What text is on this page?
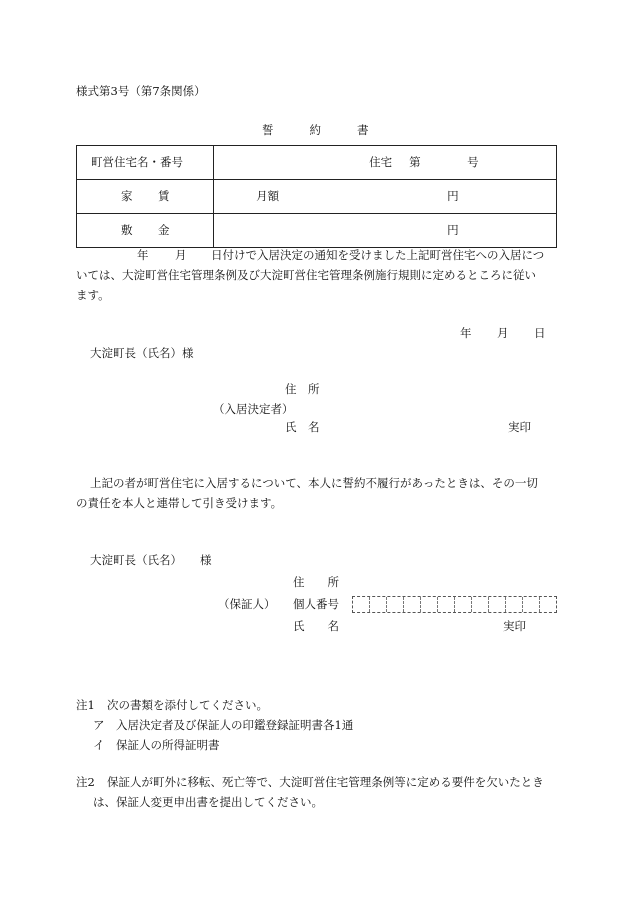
様式第3号（第7条関係）
誓	約	書
町営住宅名・番号	住宅 第 号

家 賃	月額 円

敷 金	円
年 月 日付けで入居決定の通知を受けました上記町営住宅への入居につ
いては、大淀町営住宅管理条例及び大淀町営住宅管理条例施行規則に定めるところに従い
ます。
年 月 日
大淀町長（氏名）様
住　所
（入居決定者）
氏　名	実印
上記の者が町営住宅に入居するについて、本人に誓約不履行があったときは、その一切
の責任を本人と連帯して引き受けます。
大淀町長（氏名） 様
住　　所
（保証人） 個人番号
氏　　名	実印
注1 次の書類を添付してください。
ア　入居決定者及び保証人の印鑑登録証明書各1通
イ　保証人の所得証明書
注2 保証人が町外に移転、死亡等で、大淀町営住宅管理条例等に定める要件を欠いたとき
は、保証人変更申出書を提出してください。
